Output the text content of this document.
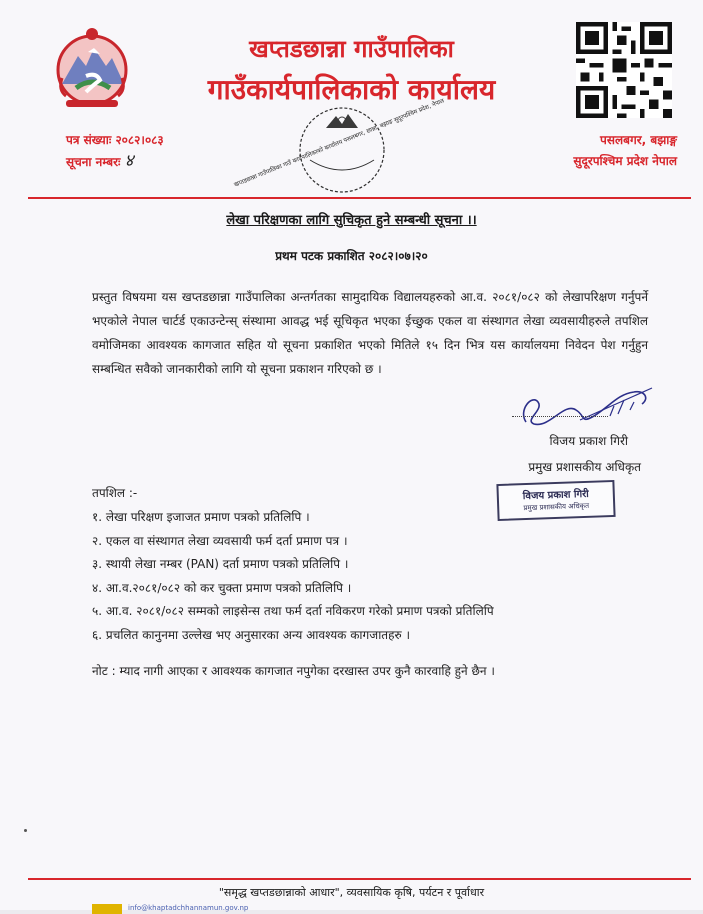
खप्तडछान्ना गाउँपालिका
गाउँकार्यपालिकाको कार्यालय
पत्र संख्याः २०८२।०८३
सूचना नम्बरः ४	खप्तडछान्ना गाउँपालिका गाउँ कार्यपालिकाको कार्यालय पसलबगर, छान्ना, बझाङ सुदूरपश्चिम प्रदेश, नेपाल	पसलबगर, बझाङ्ग
सुदूरपश्चिम प्रदेश नेपाल
लेखा परिक्षणका लागि सुचिकृत हुने सम्बन्धी सूचना ।।
प्रथम पटक प्रकाशित २०८२।०७।२०
प्रस्तुत विषयमा यस खप्तडछान्ना गाउँपालिका अन्तर्गतका सामुदायिक विद्यालयहरुको आ.व. २०८१/०८२ को लेखापरिक्षण गर्नुपर्ने भएकोले नेपाल चार्टर्ड एकाउन्टेन्स् संस्थामा आवद्ध भई सूचिकृत भएका ईच्छुक एकल वा संस्थागत लेखा व्यवसायीहरुले तपशिल वमोजिमका आवश्यक कागजात सहित यो सूचना प्रकाशित भएको मितिले १५ दिन भित्र यस कार्यालयमा निवेदन पेश गर्नुहुन सम्बन्धित सवैको जानकारीको लागि यो सूचना प्रकाशन गरिएको छ ।
विजय प्रकाश गिरी
प्रमुख प्रशासकीय अधिकृत
विजय प्रकाश गिरी
प्रमुख प्रशासकीय अधिकृत
तपशिल :-
१. लेखा परिक्षण इजाजत प्रमाण पत्रको प्रतिलिपि ।
२. एकल वा संस्थागत लेखा व्यवसायी फर्म दर्ता प्रमाण पत्र ।
३. स्थायी लेखा नम्बर (PAN) दर्ता प्रमाण पत्रको प्रतिलिपि ।
४. आ.व.२०८१/०८२ को कर चुक्ता प्रमाण पत्रको प्रतिलिपि ।
५. आ.व. २०८१/०८२ सम्मको लाइसेन्स तथा फर्म दर्ता नविकरण गरेको प्रमाण पत्रको प्रतिलिपि
६. प्रचलित कानुनमा उल्लेख भए अनुसारका अन्य आवश्यक कागजातहरु ।
नोट : म्याद नागी आएका र आवश्यक कागजात नपुगेका दरखास्त उपर कुनै कारवाहि हुने छैन ।
"समृद्ध खप्तडछान्नाको आधार", व्यवसायिक कृषि, पर्यटन र पूर्वाधार
info@khaptadchhannamun.gov.np
